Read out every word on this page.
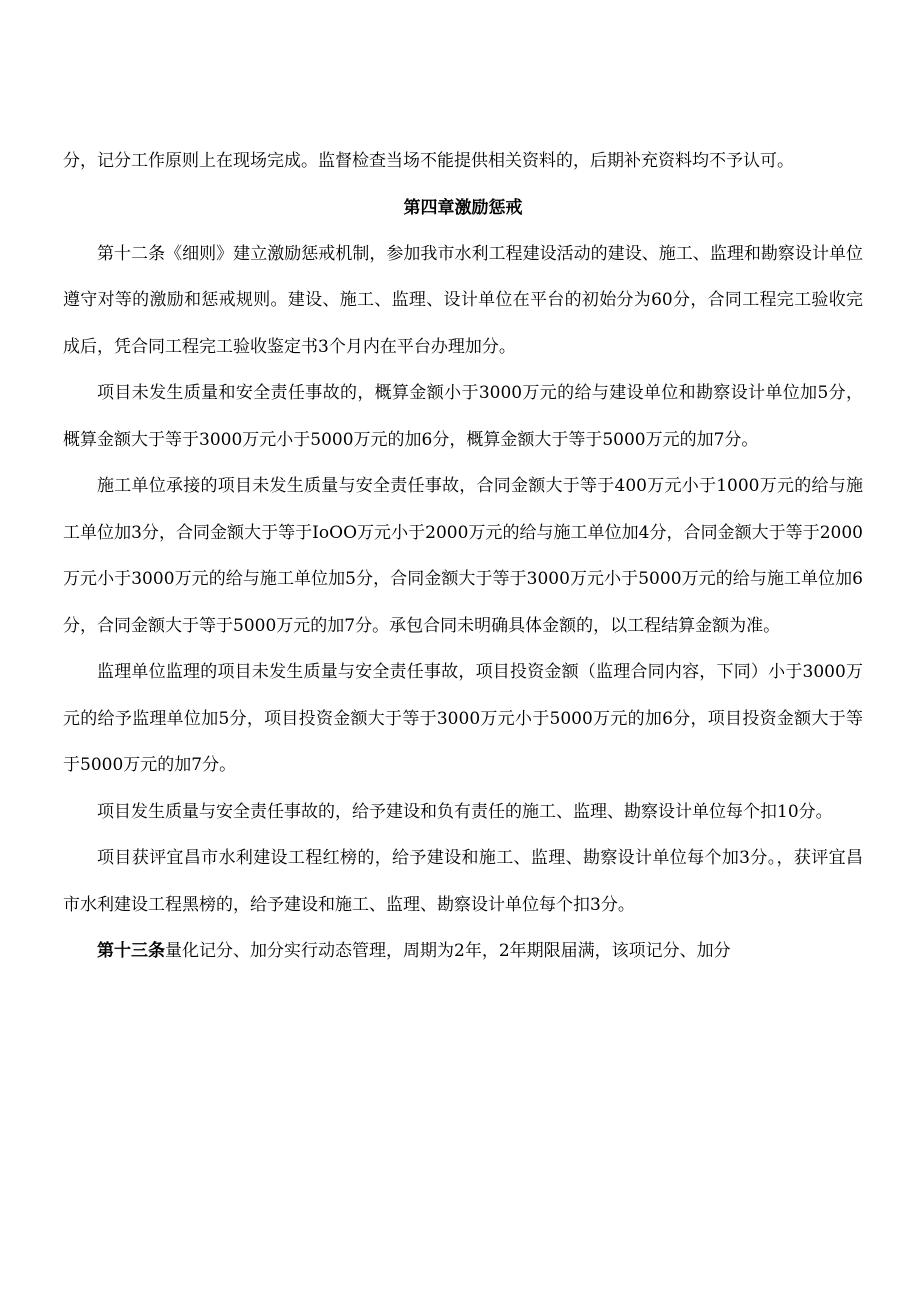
分，记分工作原则上在现场完成。监督检查当场不能提供相关资料的，后期补充资料均不予认可。

第四章激励惩戒

第十二条《细则》建立激励惩戒机制，参加我市水利工程建设活动的建设、施工、监理和勘察设计单位遵守对等的激励和惩戒规则。建设、施工、监理、设计单位在平台的初始分为60分，合同工程完工验收完成后，凭合同工程完工验收鉴定书3个月内在平台办理加分。

项目未发生质量和安全责任事故的，概算金额小于3000万元的给与建设单位和勘察设计单位加5分，概算金额大于等于3000万元小于5000万元的加6分，概算金额大于等于5000万元的加7分。

施工单位承接的项目未发生质量与安全责任事故，合同金额大于等于400万元小于1000万元的给与施工单位加3分，合同金额大于等于IoOO万元小于2000万元的给与施工单位加4分，合同金额大于等于2000万元小于3000万元的给与施工单位加5分，合同金额大于等于3000万元小于5000万元的给与施工单位加6分，合同金额大于等于5000万元的加7分。承包合同未明确具体金额的，以工程结算金额为准。

监理单位监理的项目未发生质量与安全责任事故，项目投资金额（监理合同内容，下同）小于3000万元的给予监理单位加5分，项目投资金额大于等于3000万元小于5000万元的加6分，项目投资金额大于等于5000万元的加7分。

项目发生质量与安全责任事故的，给予建设和负有责任的施工、监理、勘察设计单位每个扣10分。

项目获评宜昌市水利建设工程红榜的，给予建设和施工、监理、勘察设计单位每个加3分。，获评宜昌市水利建设工程黑榜的，给予建设和施工、监理、勘察设计单位每个扣3分。

第十三条量化记分、加分实行动态管理，周期为2年，2年期限届满，该项记分、加分
